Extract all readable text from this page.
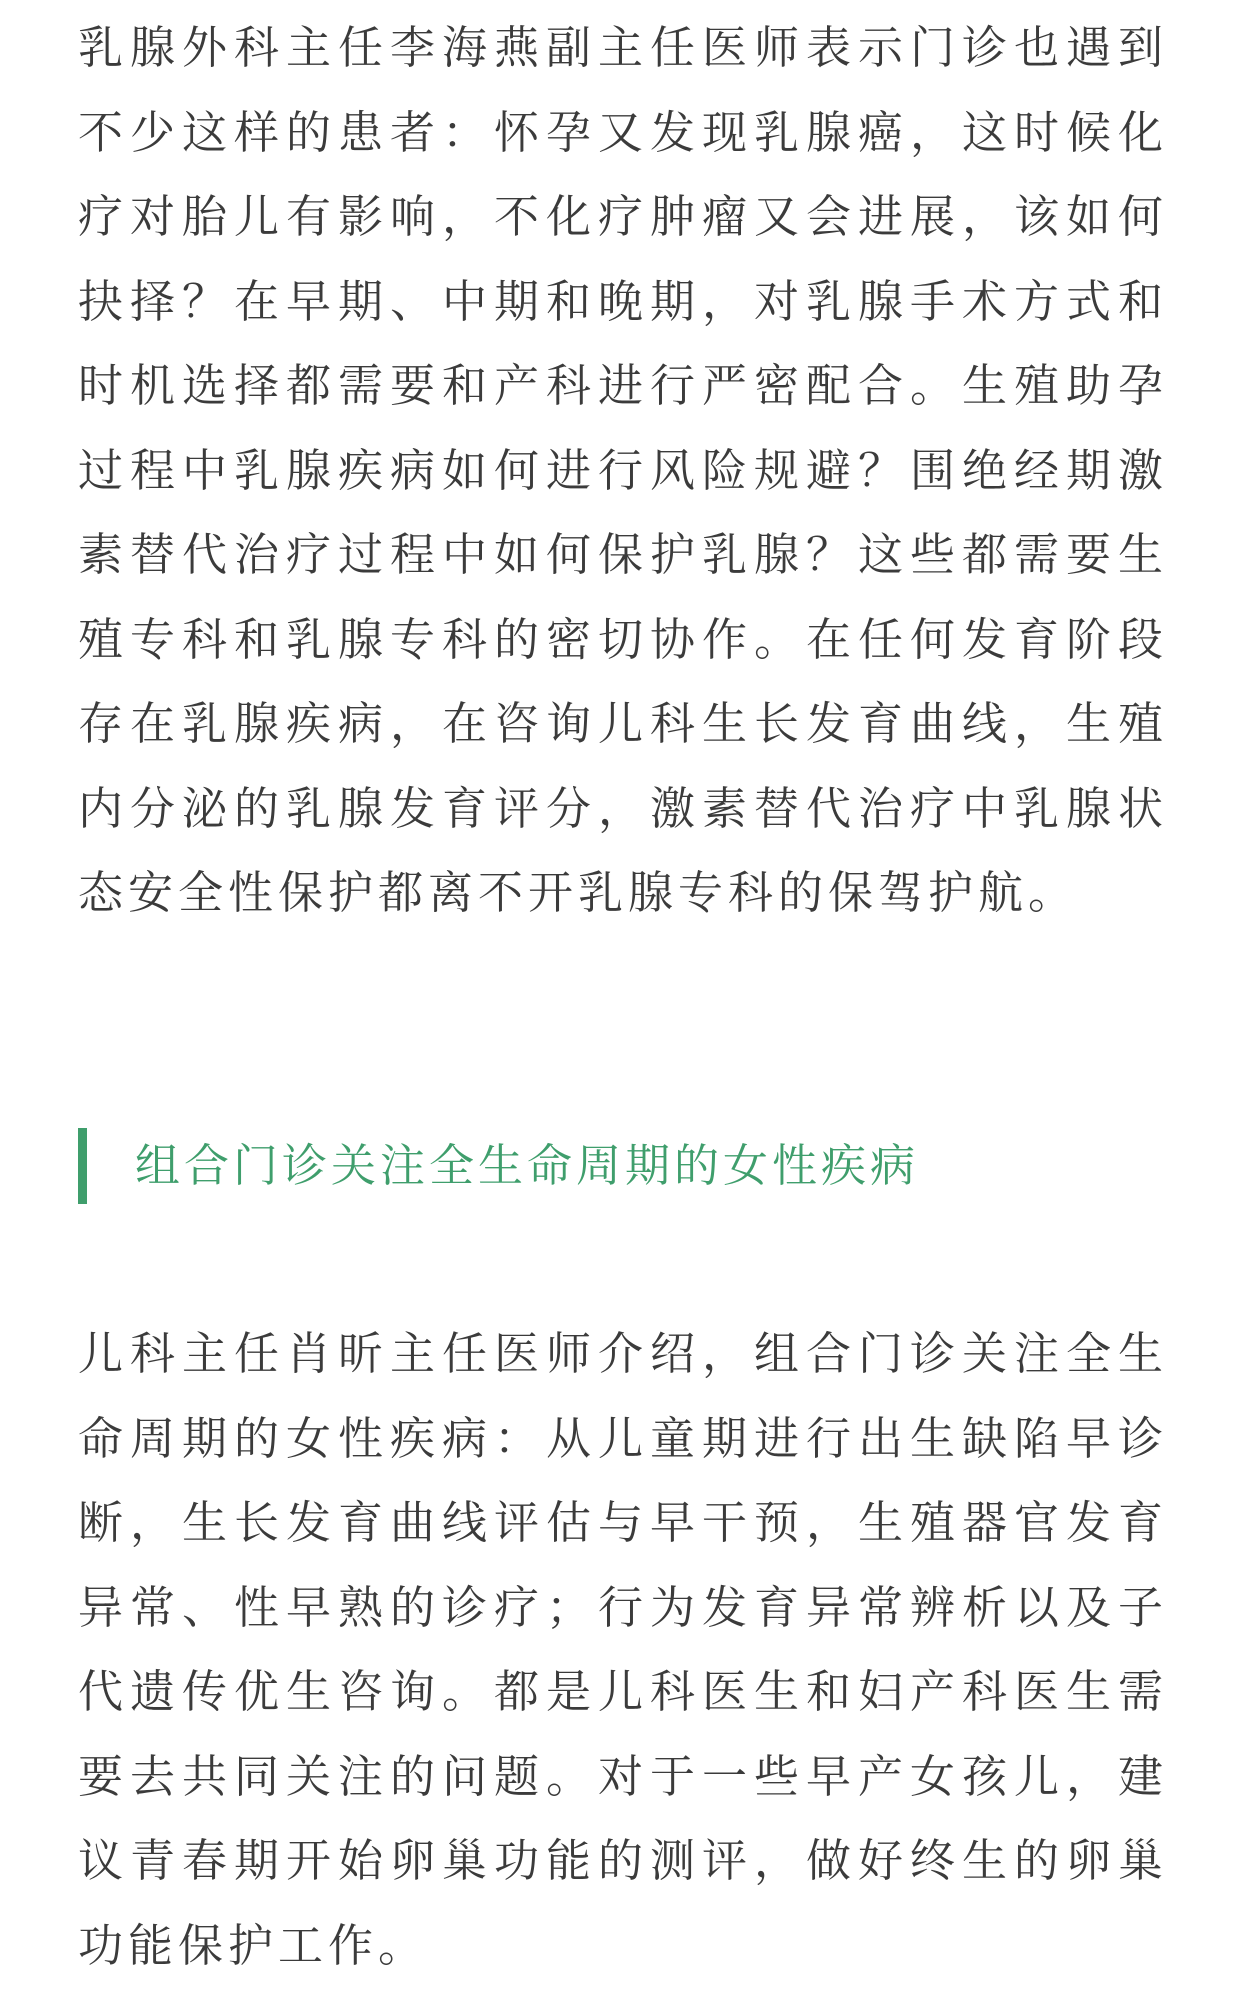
乳腺外科主任李海燕副主任医师表示门诊也遇到不少这样的患者：怀孕又发现乳腺癌，这时候化疗对胎儿有影响，不化疗肿瘤又会进展，该如何抉择？在早期、中期和晚期，对乳腺手术方式和时机选择都需要和产科进行严密配合。生殖助孕过程中乳腺疾病如何进行风险规避？围绝经期激素替代治疗过程中如何保护乳腺？这些都需要生殖专科和乳腺专科的密切协作。在任何发育阶段存在乳腺疾病，在咨询儿科生长发育曲线，生殖内分泌的乳腺发育评分，激素替代治疗中乳腺状态安全性保护都离不开乳腺专科的保驾护航。

组合门诊关注全生命周期的女性疾病

儿科主任肖昕主任医师介绍，组合门诊关注全生命周期的女性疾病：从儿童期进行出生缺陷早诊断，生长发育曲线评估与早干预，生殖器官发育异常、性早熟的诊疗；行为发育异常辨析以及子代遗传优生咨询。都是儿科医生和妇产科医生需要去共同关注的问题。对于一些早产女孩儿，建议青春期开始卵巢功能的测评，做好终生的卵巢功能保护工作。
